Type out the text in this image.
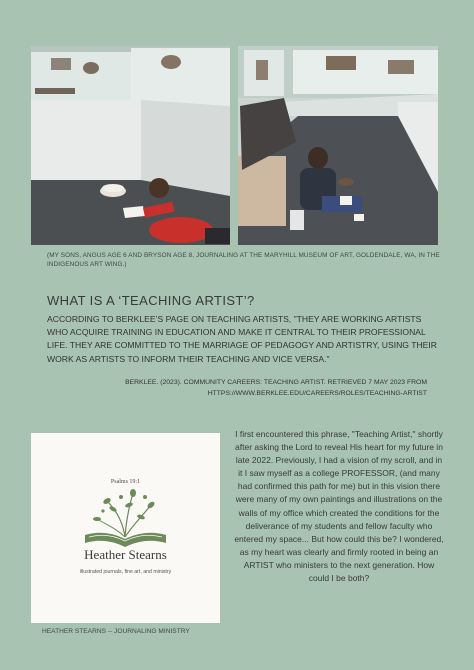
(MY SONS, ANGUS AGE 6 AND BRYSON AGE 8, JOURNALING AT THE MARYHILL MUSEUM OF ART, GOLDENDALE, WA, IN THE INDIGENOUS ART WING.)
WHAT IS A ‘TEACHING ARTIST’?
ACCORDING TO BERKLEE’S PAGE ON TEACHING ARTISTS, "THEY ARE WORKING ARTISTS WHO ACQUIRE TRAINING IN EDUCATION AND MAKE IT CENTRAL TO THEIR PROFESSIONAL LIFE. THEY ARE COMMITTED TO THE MARRIAGE OF PEDAGOGY AND ARTISTRY, USING THEIR WORK AS ARTISTS TO INFORM THEIR TEACHING AND VICE VERSA."
BERKLEE. (2023). COMMUNITY CAREERS: TEACHING ARTIST. RETRIEVED 7 MAY 2023 FROM
HTTPS://WWW.BERKLEE.EDU/CAREERS/ROLES/TEACHING-ARTIST
Psalms 19:1
Heather Stearns
illustrated journals, fine art, and ministry
HEATHER STEARNS -- JOURNALING MINISTRY
I first encountered this phrase, "Teaching Artist," shortly after asking the Lord to reveal His heart for my future in late 2022. Previously, I had a vision of my scroll, and in it I saw myself as a college PROFESSOR, (and many had confirmed this path for me) but in this vision there were many of my own paintings and illustrations on the walls of my office which created the conditions for the deliverance of my students and fellow faculty who entered my space... But how could this be? I wondered, as my heart was clearly and firmly rooted in being an ARTIST who ministers to the next generation. How could I be both?
